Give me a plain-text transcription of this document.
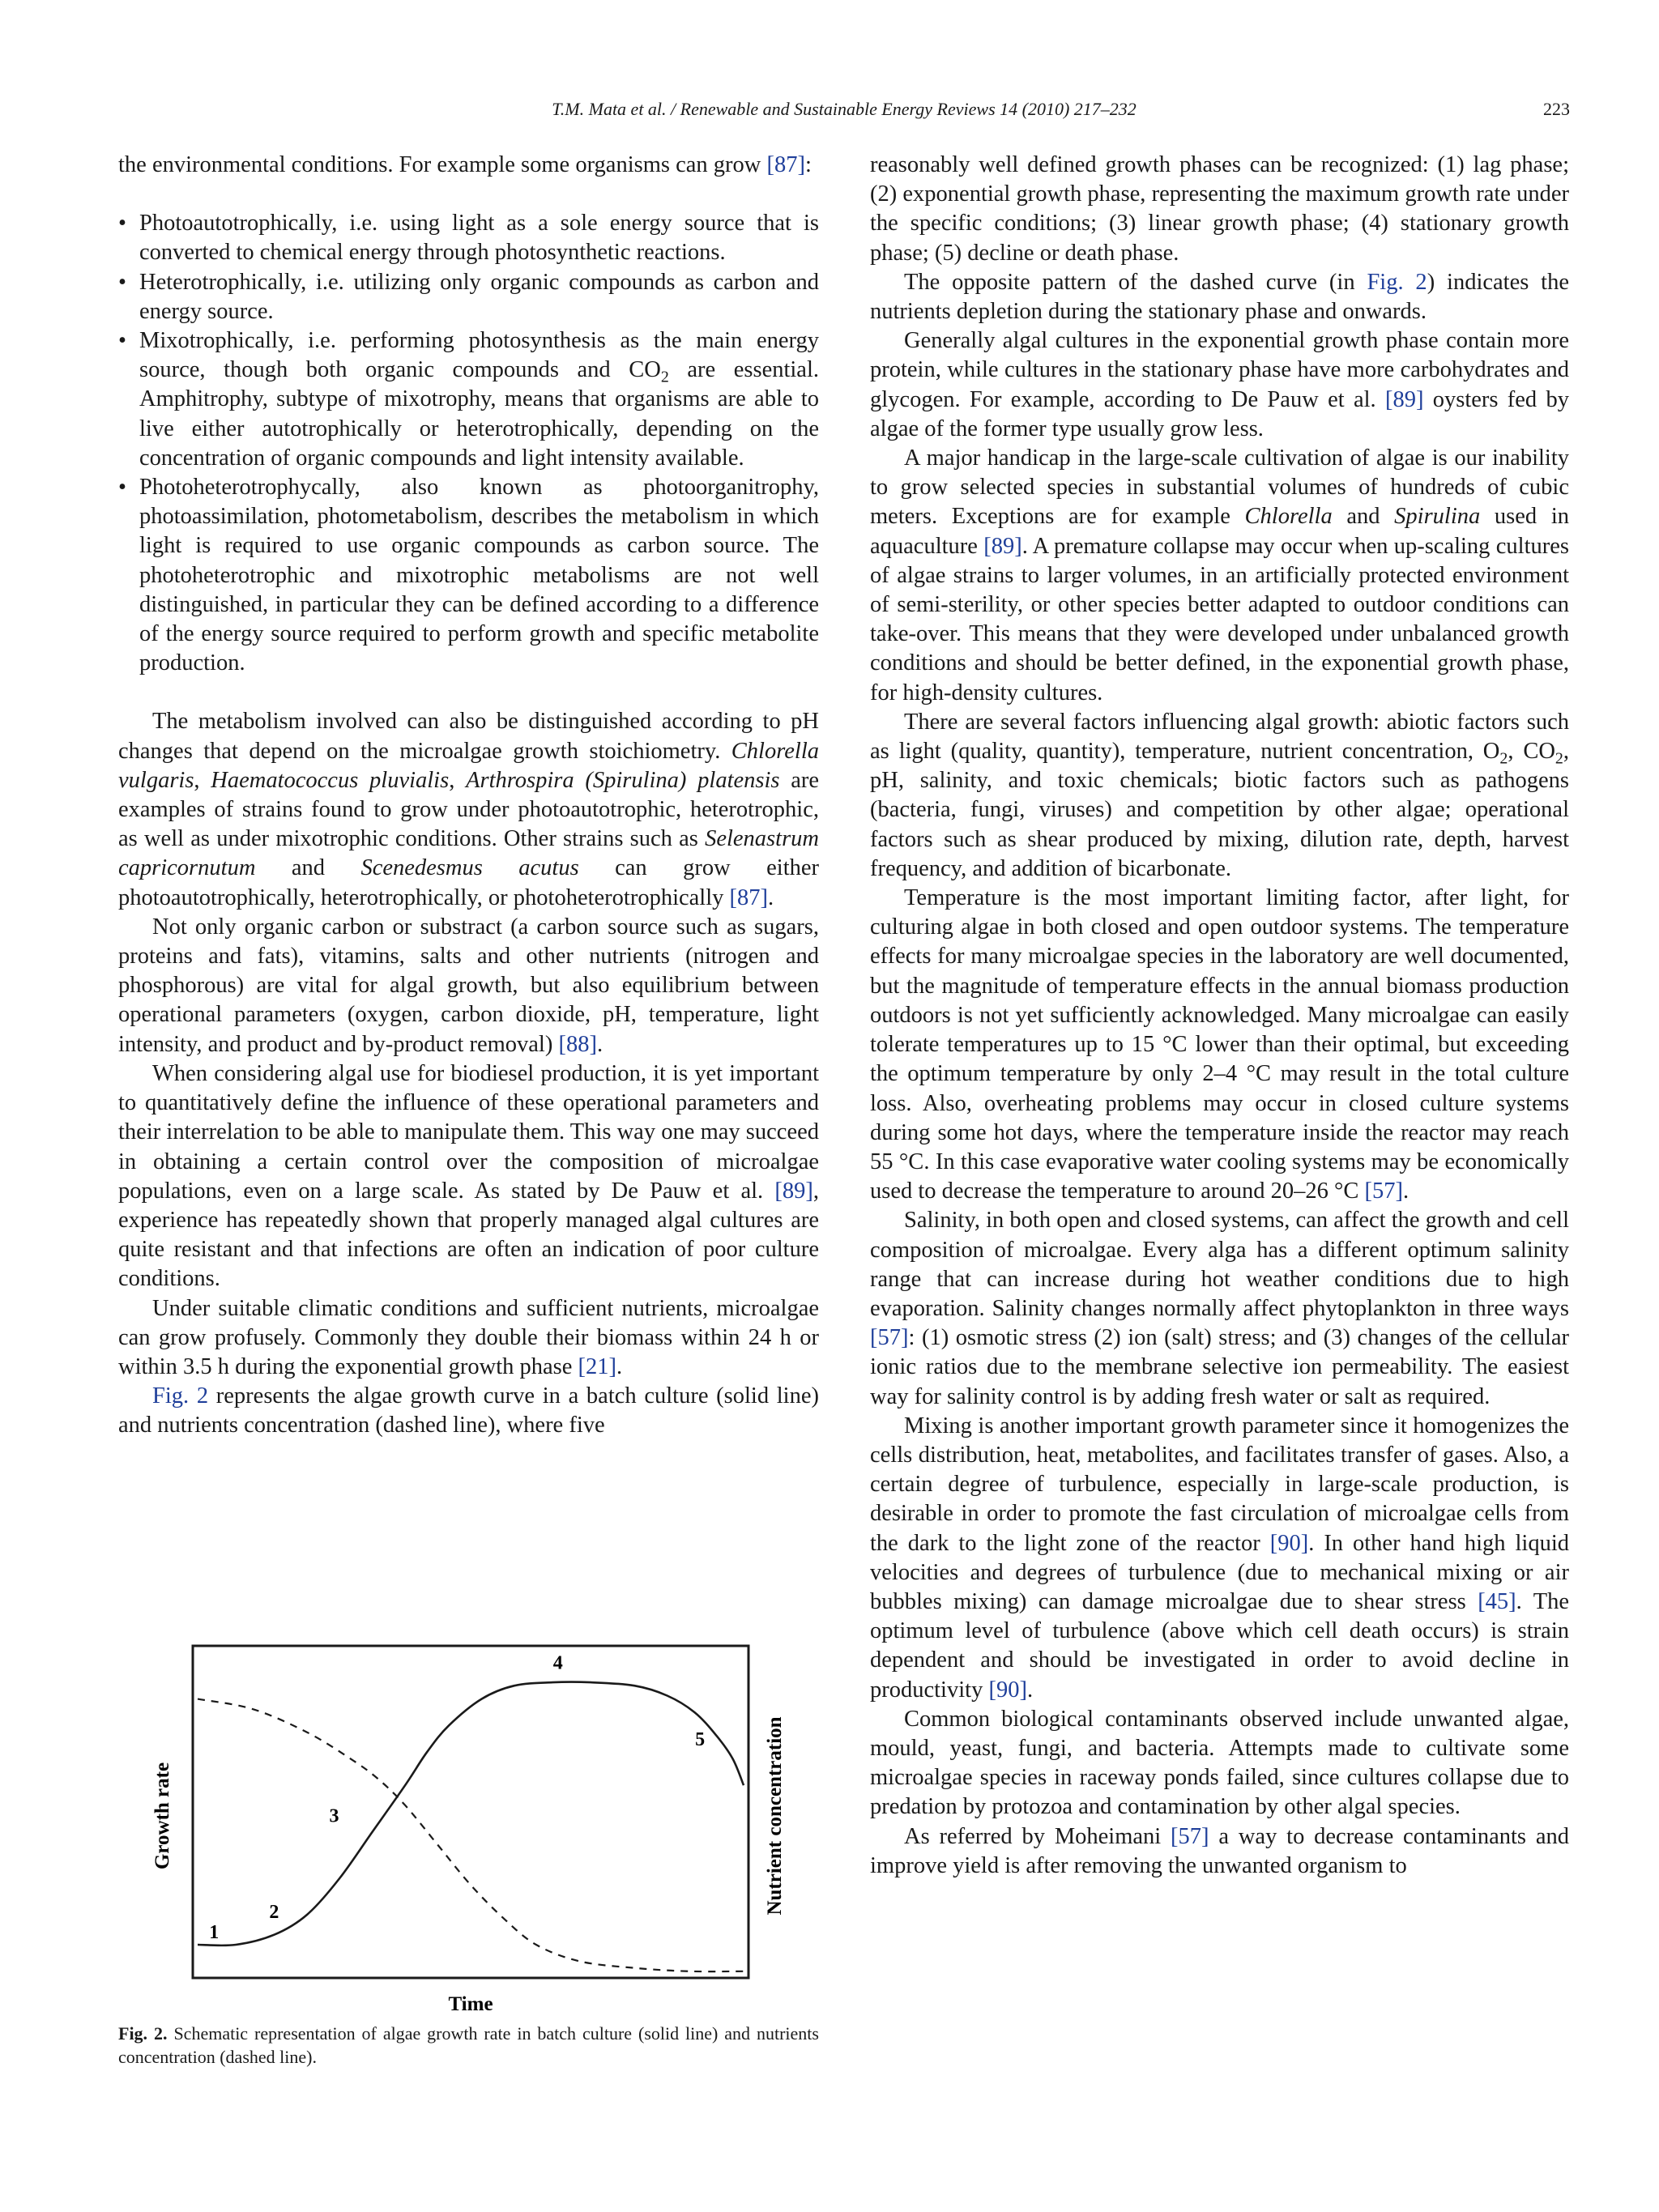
T.M. Mata et al. / Renewable and Sustainable Energy Reviews 14 (2010) 217–232	223

the environmental conditions. For example some organisms can grow [87]:

• Photoautotrophically, i.e. using light as a sole energy source that is converted to chemical energy through photosynthetic reactions.
• Heterotrophically, i.e. utilizing only organic compounds as carbon and energy source.
• Mixotrophically, i.e. performing photosynthesis as the main energy source, though both organic compounds and $CO_2$ are essential. Amphitrophy, subtype of mixotrophy, means that organisms are able to live either autotrophically or heterotrophically, depending on the concentration of organic compounds and light intensity available.
• Photoheterotrophycally, also known as photoorganitrophy, photoassimilation, photometabolism, describes the metabolism in which light is required to use organic compounds as carbon source. The photoheterotrophic and mixotrophic metabolisms are not well distinguished, in particular they can be defined according to a difference of the energy source required to perform growth and specific metabolite production.

The metabolism involved can also be distinguished according to pH changes that depend on the microalgae growth stoichiometry. Chlorella vulgaris, Haematococcus pluvialis, Arthrospira (Spirulina) platensis are examples of strains found to grow under photoautotrophic, heterotrophic, as well as under mixotrophic conditions. Other strains such as Selenastrum capricornutum and Scenedesmus acutus can grow either photoautotrophically, heterotrophically, or photoheterotrophically [87].

Not only organic carbon or substract (a carbon source such as sugars, proteins and fats), vitamins, salts and other nutrients (nitrogen and phosphorous) are vital for algal growth, but also equilibrium between operational parameters (oxygen, carbon dioxide, pH, temperature, light intensity, and product and by-product removal) [88].

When considering algal use for biodiesel production, it is yet important to quantitatively define the influence of these operational parameters and their interrelation to be able to manipulate them. This way one may succeed in obtaining a certain control over the composition of microalgae populations, even on a large scale. As stated by De Pauw et al. [89], experience has repeatedly shown that properly managed algal cultures are quite resistant and that infections are often an indication of poor culture conditions.

Under suitable climatic conditions and sufficient nutrients, microalgae can grow profusely. Commonly they double their biomass within 24 h or within 3.5 h during the exponential growth phase [21].

Fig. 2 represents the algae growth curve in a batch culture (solid line) and nutrients concentration (dashed line), where five

1
2
3
4
5
Time
Growth rate	Nutrient concentration
Fig. 2. Schematic representation of algae growth rate in batch culture (solid line) and nutrients concentration (dashed line).

reasonably well defined growth phases can be recognized: (1) lag phase; (2) exponential growth phase, representing the maximum growth rate under the specific conditions; (3) linear growth phase; (4) stationary growth phase; (5) decline or death phase.

The opposite pattern of the dashed curve (in Fig. 2) indicates the nutrients depletion during the stationary phase and onwards.

Generally algal cultures in the exponential growth phase contain more protein, while cultures in the stationary phase have more carbohydrates and glycogen. For example, according to De Pauw et al. [89] oysters fed by algae of the former type usually grow less.

A major handicap in the large-scale cultivation of algae is our inability to grow selected species in substantial volumes of hundreds of cubic meters. Exceptions are for example Chlorella and Spirulina used in aquaculture [89]. A premature collapse may occur when up-scaling cultures of algae strains to larger volumes, in an artificially protected environment of semi-sterility, or other species better adapted to outdoor conditions can take-over. This means that they were developed under unbalanced growth conditions and should be better defined, in the exponential growth phase, for high-density cultures.

There are several factors influencing algal growth: abiotic factors such as light (quality, quantity), temperature, nutrient concentration, $O_2$, $CO_2$, pH, salinity, and toxic chemicals; biotic factors such as pathogens (bacteria, fungi, viruses) and competition by other algae; operational factors such as shear produced by mixing, dilution rate, depth, harvest frequency, and addition of bicarbonate.

Temperature is the most important limiting factor, after light, for culturing algae in both closed and open outdoor systems. The temperature effects for many microalgae species in the laboratory are well documented, but the magnitude of temperature effects in the annual biomass production outdoors is not yet sufficiently acknowledged. Many microalgae can easily tolerate temperatures up to 15 °C lower than their optimal, but exceeding the optimum temperature by only 2–4 °C may result in the total culture loss. Also, overheating problems may occur in closed culture systems during some hot days, where the temperature inside the reactor may reach 55 °C. In this case evaporative water cooling systems may be economically used to decrease the temperature to around 20–26 °C [57].

Salinity, in both open and closed systems, can affect the growth and cell composition of microalgae. Every alga has a different optimum salinity range that can increase during hot weather conditions due to high evaporation. Salinity changes normally affect phytoplankton in three ways [57]: (1) osmotic stress (2) ion (salt) stress; and (3) changes of the cellular ionic ratios due to the membrane selective ion permeability. The easiest way for salinity control is by adding fresh water or salt as required.

Mixing is another important growth parameter since it homogenizes the cells distribution, heat, metabolites, and facilitates transfer of gases. Also, a certain degree of turbulence, especially in large-scale production, is desirable in order to promote the fast circulation of microalgae cells from the dark to the light zone of the reactor [90]. In other hand high liquid velocities and degrees of turbulence (due to mechanical mixing or air bubbles mixing) can damage microalgae due to shear stress [45]. The optimum level of turbulence (above which cell death occurs) is strain dependent and should be investigated in order to avoid decline in productivity [90].

Common biological contaminants observed include unwanted algae, mould, yeast, fungi, and bacteria. Attempts made to cultivate some microalgae species in raceway ponds failed, since cultures collapse due to predation by protozoa and contamination by other algal species.

As referred by Moheimani [57] a way to decrease contaminants and improve yield is after removing the unwanted organism to
